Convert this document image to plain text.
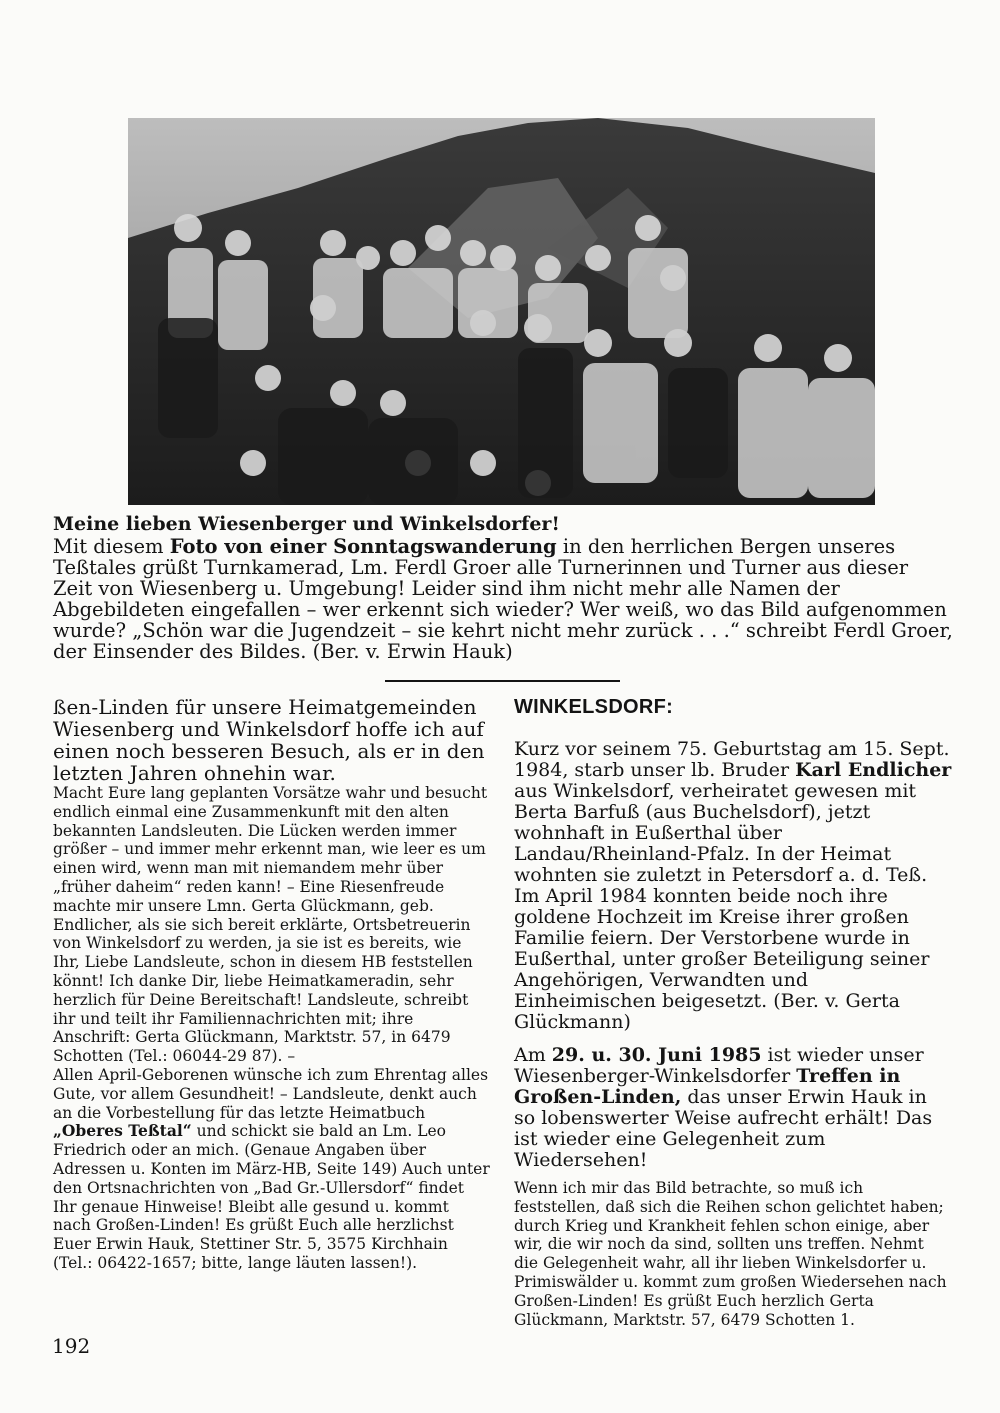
Meine lieben Wiesenberger und Winkelsdorfer!

Mit diesem Foto von einer Sonntagswanderung in den herrlichen Bergen unseres Teßtales grüßt Turnkamerad, Lm. Ferdl Groer alle Turnerinnen und Turner aus dieser Zeit von Wiesenberg u. Umgebung! Leider sind ihm nicht mehr alle Namen der Abgebildeten eingefallen – wer erkennt sich wieder? Wer weiß, wo das Bild aufgenommen wurde? „Schön war die Jugendzeit – sie kehrt nicht mehr zurück . . .“ schreibt Ferdl Groer, der Einsender des Bildes. (Ber. v. Erwin Hauk)

ßen-Linden für unsere Heimatgemeinden Wiesenberg und Winkelsdorf hoffe ich auf einen noch besseren Besuch, als er in den letzten Jahren ohnehin war.

Macht Eure lang geplanten Vorsätze wahr und besucht endlich einmal eine Zusammenkunft mit den alten bekannten Landsleuten. Die Lücken werden immer größer – und immer mehr erkennt man, wie leer es um einen wird, wenn man mit niemandem mehr über „früher daheim“ reden kann! – Eine Riesenfreude machte mir unsere Lmn. Gerta Glückmann, geb. Endlicher, als sie sich bereit erklärte, Ortsbetreuerin von Winkelsdorf zu werden, ja sie ist es bereits, wie Ihr, Liebe Landsleute, schon in diesem HB feststellen könnt! Ich danke Dir, liebe Heimatkameradin, sehr herzlich für Deine Bereitschaft! Landsleute, schreibt ihr und teilt ihr Familiennachrichten mit; ihre Anschrift: Gerta Glückmann, Marktstr. 57, in 6479 Schotten (Tel.: 06044-29 87). –

Allen April-Geborenen wünsche ich zum Ehrentag alles Gute, vor allem Gesundheit! – Landsleute, denkt auch an die Vorbestellung für das letzte Heimatbuch „Oberes Teßtal“ und schickt sie bald an Lm. Leo Friedrich oder an mich. (Genaue Angaben über Adressen u. Konten im März-HB, Seite 149) Auch unter den Ortsnachrichten von „Bad Gr.-Ullersdorf“ findet Ihr genaue Hinweise! Bleibt alle gesund u. kommt nach Großen-Linden! Es grüßt Euch alle herzlichst Euer Erwin Hauk, Stettiner Str. 5, 3575 Kirchhain (Tel.: 06422-1657; bitte, lange läuten lassen!).

WINKELSDORF:

Kurz vor seinem 75. Geburtstag am 15. Sept. 1984, starb unser lb. Bruder Karl Endlicher aus Winkelsdorf, verheiratet gewesen mit Berta Barfuß (aus Buchelsdorf), jetzt wohnhaft in Eußerthal über Landau/Rheinland-Pfalz. In der Heimat wohnten sie zuletzt in Petersdorf a. d. Teß.

Im April 1984 konnten beide noch ihre goldene Hochzeit im Kreise ihrer großen Familie feiern. Der Verstorbene wurde in Eußerthal, unter großer Beteiligung seiner Angehörigen, Verwandten und Einheimischen beigesetzt. (Ber. v. Gerta Glückmann)

Am 29. u. 30. Juni 1985 ist wieder unser Wiesenberger-Winkelsdorfer Treffen in Großen-Linden, das unser Erwin Hauk in so lobenswerter Weise aufrecht erhält! Das ist wieder eine Gelegenheit zum Wiedersehen!

Wenn ich mir das Bild betrachte, so muß ich feststellen, daß sich die Reihen schon gelichtet haben; durch Krieg und Krankheit fehlen schon einige, aber wir, die wir noch da sind, sollten uns treffen. Nehmt die Gelegenheit wahr, all ihr lieben Winkelsdorfer u. Primiswälder u. kommt zum großen Wiedersehen nach Großen-Linden! Es grüßt Euch herzlich Gerta Glückmann, Marktstr. 57, 6479 Schotten 1.

192
